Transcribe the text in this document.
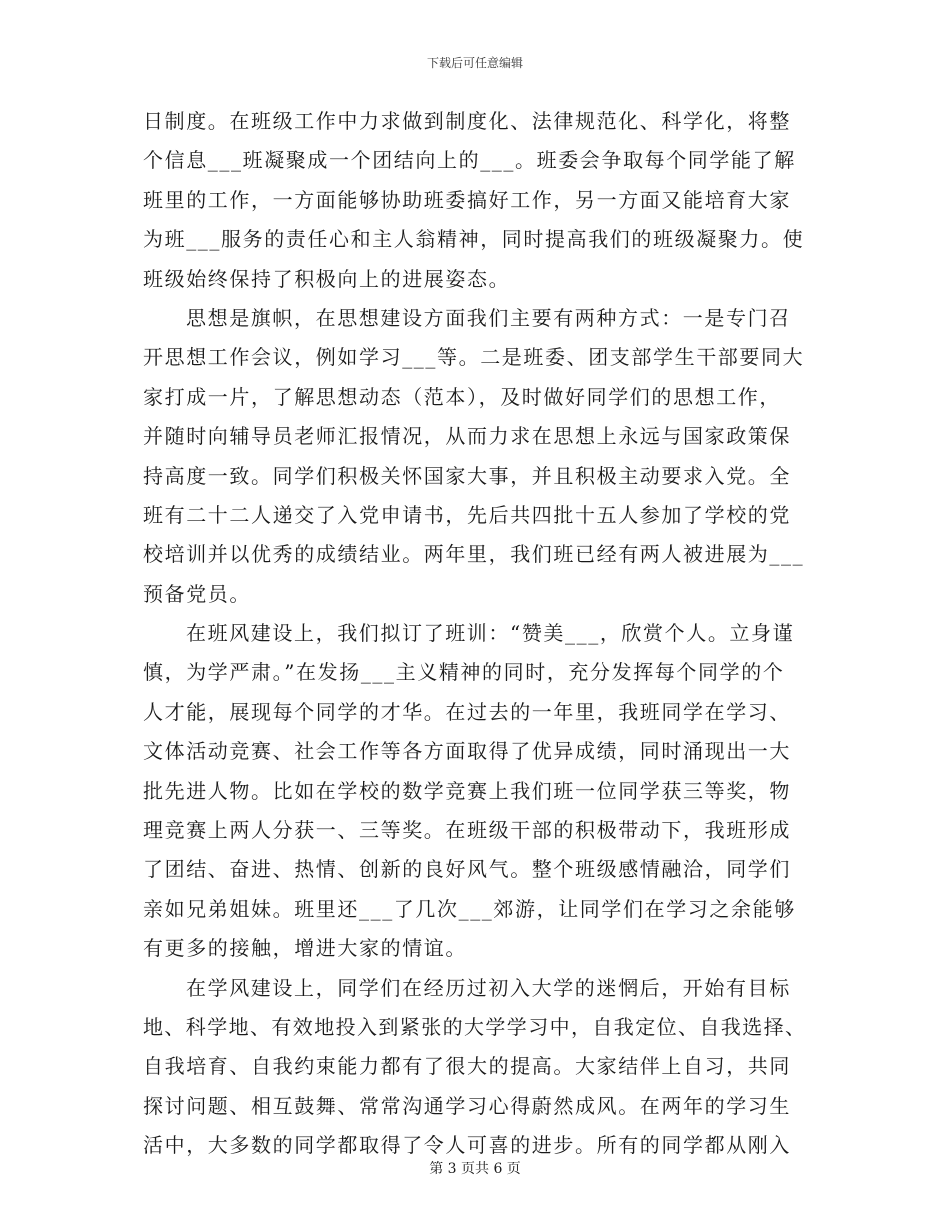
下载后可任意编辑
日制度。在班级工作中力求做到制度化、法律规范化、科学化，将整
个信息___班凝聚成一个团结向上的___。班委会争取每个同学能了解
班里的工作，一方面能够协助班委搞好工作，另一方面又能培育大家
为班___服务的责任心和主人翁精神，同时提高我们的班级凝聚力。使
班级始终保持了积极向上的进展姿态。
思想是旗帜，在思想建设方面我们主要有两种方式：一是专门召
开思想工作会议，例如学习___等。二是班委、团支部学生干部要同大
家打成一片，了解思想动态（范本），及时做好同学们的思想工作，
并随时向辅导员老师汇报情况，从而力求在思想上永远与国家政策保
持高度一致。同学们积极关怀国家大事，并且积极主动要求入党。全
班有二十二人递交了入党申请书，先后共四批十五人参加了学校的党
校培训并以优秀的成绩结业。两年里，我们班已经有两人被进展为___
预备党员。
在班风建设上，我们拟订了班训：“赞美___，欣赏个人。立身谨
慎，为学严肃。”在发扬___主义精神的同时，充分发挥每个同学的个
人才能，展现每个同学的才华。在过去的一年里，我班同学在学习、
文体活动竞赛、社会工作等各方面取得了优异成绩，同时涌现出一大
批先进人物。比如在学校的数学竞赛上我们班一位同学获三等奖，物
理竞赛上两人分获一、三等奖。在班级干部的积极带动下，我班形成
了团结、奋进、热情、创新的良好风气。整个班级感情融洽，同学们
亲如兄弟姐妹。班里还___了几次___郊游，让同学们在学习之余能够
有更多的接触，增进大家的情谊。
在学风建设上，同学们在经历过初入大学的迷惘后，开始有目标
地、科学地、有效地投入到紧张的大学学习中，自我定位、自我选择、
自我培育、自我约束能力都有了很大的提高。大家结伴上自习，共同
探讨问题、相互鼓舞、常常沟通学习心得蔚然成风。在两年的学习生
活中，大多数的同学都取得了令人可喜的进步。所有的同学都从刚入
第 3 页共 6 页
